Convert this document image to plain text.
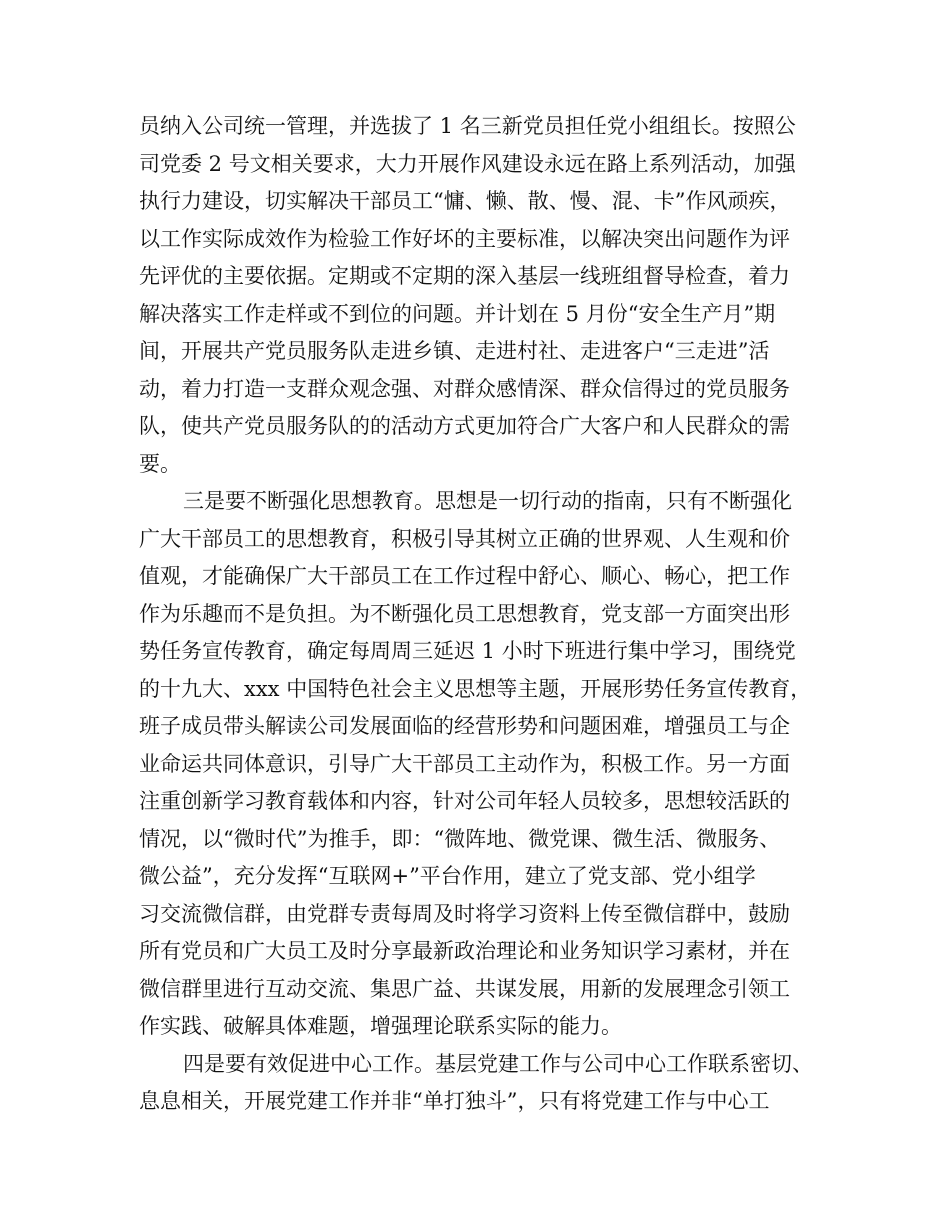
员纳入公司统一管理，并选拔了 1 名三新党员担任党小组组长。按照公
司党委 2 号文相关要求，大力开展作风建设永远在路上系列活动，加强
执行力建设，切实解决干部员工“慵、懒、散、慢、混、卡”作风顽疾，
以工作实际成效作为检验工作好坏的主要标准，以解决突出问题作为评
先评优的主要依据。定期或不定期的深入基层一线班组督导检查，着力
解决落实工作走样或不到位的问题。并计划在 5 月份“安全生产月”期
间，开展共产党员服务队走进乡镇、走进村社、走进客户“三走进”活
动，着力打造一支群众观念强、对群众感情深、群众信得过的党员服务
队，使共产党员服务队的的活动方式更加符合广大客户和人民群众的需
要。
三是要不断强化思想教育。思想是一切行动的指南，只有不断强化
广大干部员工的思想教育，积极引导其树立正确的世界观、人生观和价
值观，才能确保广大干部员工在工作过程中舒心、顺心、畅心，把工作
作为乐趣而不是负担。为不断强化员工思想教育，党支部一方面突出形
势任务宣传教育，确定每周周三延迟 1 小时下班进行集中学习，围绕党
的十九大、xxx 中国特色社会主义思想等主题，开展形势任务宣传教育，
班子成员带头解读公司发展面临的经营形势和问题困难，增强员工与企
业命运共同体意识，引导广大干部员工主动作为，积极工作。另一方面
注重创新学习教育载体和内容，针对公司年轻人员较多，思想较活跃的
情况，以“微时代”为推手，即：“微阵地、微党课、微生活、微服务、
微公益”，充分发挥“互联网+”平台作用，建立了党支部、党小组学
习交流微信群，由党群专责每周及时将学习资料上传至微信群中，鼓励
所有党员和广大员工及时分享最新政治理论和业务知识学习素材，并在
微信群里进行互动交流、集思广益、共谋发展，用新的发展理念引领工
作实践、破解具体难题，增强理论联系实际的能力。
四是要有效促进中心工作。基层党建工作与公司中心工作联系密切、
息息相关，开展党建工作并非“单打独斗”，只有将党建工作与中心工
